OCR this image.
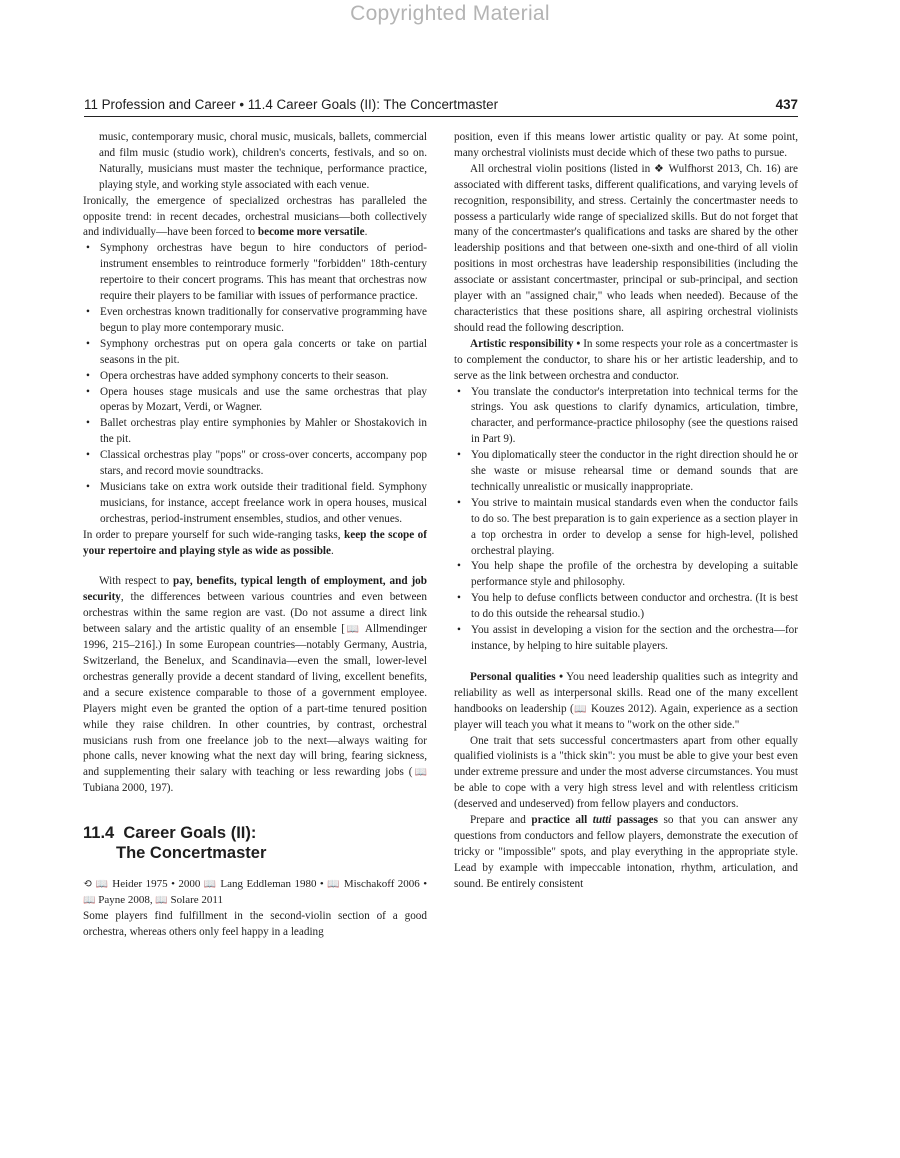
Copyrighted Material
11 Profession and Career • 11.4 Career Goals (II): The Concertmaster	437

music, contemporary music, choral music, musicals, ballets, commercial and film music (studio work), children's concerts, festivals, and so on. Naturally, musicians must master the technique, performance practice, playing style, and working style associated with each venue.

Ironically, the emergence of specialized orchestras has paralleled the opposite trend: in recent decades, orchestral musicians—both collectively and individually—have been forced to become more versatile.

• Symphony orchestras have begun to hire conductors of period-instrument ensembles to reintroduce formerly "forbidden" 18th-century repertoire to their concert programs. This has meant that orchestras now require their players to be familiar with issues of performance practice.
• Even orchestras known traditionally for conservative programming have begun to play more contemporary music.
• Symphony orchestras put on opera gala concerts or take on partial seasons in the pit.
• Opera orchestras have added symphony concerts to their season.
• Opera houses stage musicals and use the same orchestras that play operas by Mozart, Verdi, or Wagner.
• Ballet orchestras play entire symphonies by Mahler or Shostakovich in the pit.
• Classical orchestras play "pops" or cross-over concerts, accompany pop stars, and record movie soundtracks.
• Musicians take on extra work outside their traditional field. Symphony musicians, for instance, accept freelance work in opera houses, musical orchestras, period-instrument ensembles, studios, and other venues.

In order to prepare yourself for such wide-ranging tasks, keep the scope of your repertoire and playing style as wide as possible.

With respect to pay, benefits, typical length of employment, and job security, the differences between various countries and even between orchestras within the same region are vast. (Do not assume a direct link between salary and the artistic quality of an ensemble [📖 Allmendinger 1996, 215–216].) In some European countries—notably Germany, Austria, Switzerland, the Benelux, and Scandinavia—even the small, lower-level orchestras generally provide a decent standard of living, excellent benefits, and a secure existence comparable to those of a government employee. Players might even be granted the option of a part-time tenured position while they raise children. In other countries, by contrast, orchestral musicians rush from one freelance job to the next—always waiting for phone calls, never knowing what the next day will bring, fearing sickness, and supplementing their salary with teaching or less rewarding jobs (📖 Tubiana 2000, 197).

11.4 Career Goals (II):
The Concertmaster

⟲ 📖 Heider 1975 • 2000 📖 Lang Eddleman 1980 • 📖 Mischakoff 2006 • 📖 Payne 2008, 📖 Solare 2011

Some players find fulfillment in the second-violin section of a good orchestra, whereas others only feel happy in a leading

position, even if this means lower artistic quality or pay. At some point, many orchestral violinists must decide which of these two paths to pursue.

All orchestral violin positions (listed in ❖ Wulfhorst 2013, Ch. 16) are associated with different tasks, different qualifications, and varying levels of recognition, responsibility, and stress. Certainly the concertmaster needs to possess a particularly wide range of specialized skills. But do not forget that many of the concertmaster's qualifications and tasks are shared by the other leadership positions and that between one-sixth and one-third of all violin positions in most orchestras have leadership responsibilities (including the associate or assistant concertmaster, principal or sub-principal, and section player with an "assigned chair," who leads when needed). Because of the characteristics that these positions share, all aspiring orchestral violinists should read the following description.

Artistic responsibility • In some respects your role as a concertmaster is to complement the conductor, to share his or her artistic leadership, and to serve as the link between orchestra and conductor.

• You translate the conductor's interpretation into technical terms for the strings. You ask questions to clarify dynamics, articulation, timbre, character, and performance-practice philosophy (see the questions raised in Part 9).
• You diplomatically steer the conductor in the right direction should he or she waste or misuse rehearsal time or demand sounds that are technically unrealistic or musically inappropriate.
• You strive to maintain musical standards even when the conductor fails to do so. The best preparation is to gain experience as a section player in a top orchestra in order to develop a sense for high-level, polished orchestral playing.
• You help shape the profile of the orchestra by developing a suitable performance style and philosophy.
• You help to defuse conflicts between conductor and orchestra. (It is best to do this outside the rehearsal studio.)
• You assist in developing a vision for the section and the orchestra—for instance, by helping to hire suitable players.

Personal qualities • You need leadership qualities such as integrity and reliability as well as interpersonal skills. Read one of the many excellent handbooks on leadership (📖 Kouzes 2012). Again, experience as a section player will teach you what it means to "work on the other side."

One trait that sets successful concertmasters apart from other equally qualified violinists is a "thick skin": you must be able to give your best even under extreme pressure and under the most adverse circumstances. You must be able to cope with a very high stress level and with relentless criticism (deserved and undeserved) from fellow players and conductors.

Prepare and practice all tutti passages so that you can answer any questions from conductors and fellow players, demonstrate the execution of tricky or "impossible" spots, and play everything in the appropriate style. Lead by example with impeccable intonation, rhythm, articulation, and sound. Be entirely consistent
